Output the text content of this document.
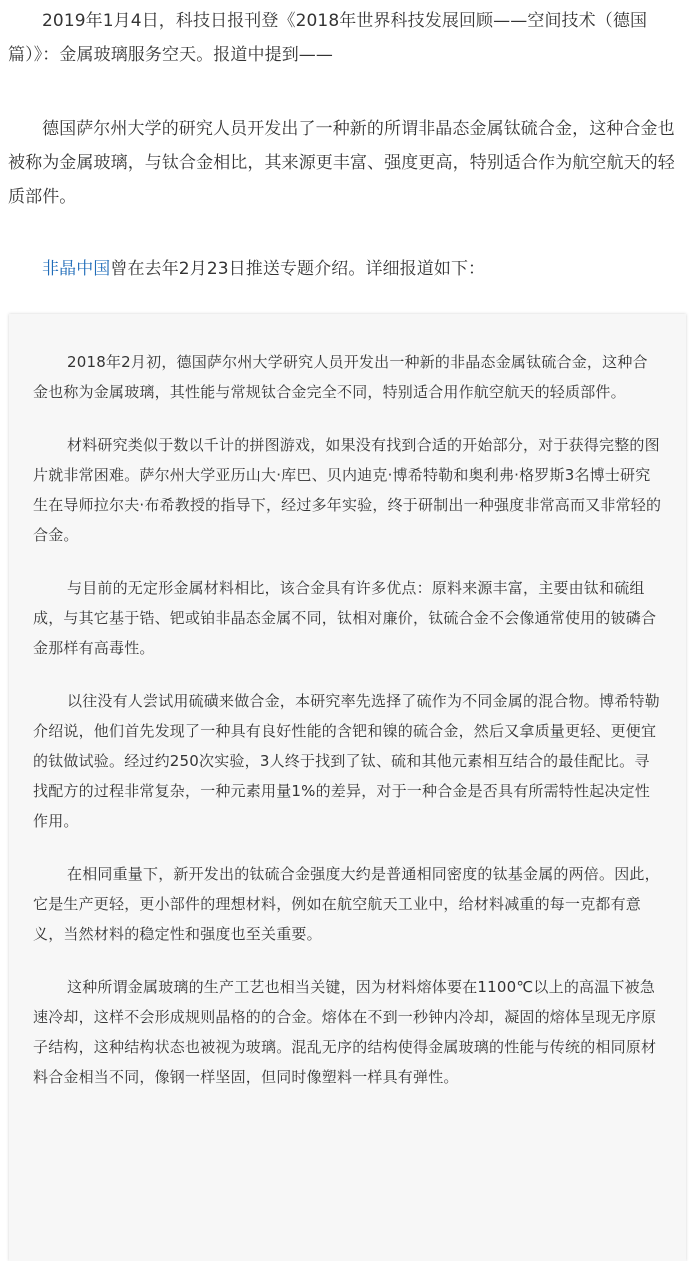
2019年1月4日，科技日报刊登《2018年世界科技发展回顾——空间技术（德国篇）》：金属玻璃服务空天。报道中提到——

德国萨尔州大学的研究人员开发出了一种新的所谓非晶态金属钛硫合金，这种合金也被称为金属玻璃，与钛合金相比，其来源更丰富、强度更高，特别适合作为航空航天的轻质部件。

非晶中国曾在去年2月23日推送专题介绍。详细报道如下：

2018年2月初，德国萨尔州大学研究人员开发出一种新的非晶态金属钛硫合金，这种合金也称为金属玻璃，其性能与常规钛合金完全不同，特别适合用作航空航天的轻质部件。

材料研究类似于数以千计的拼图游戏，如果没有找到合适的开始部分，对于获得完整的图片就非常困难。萨尔州大学亚历山大·库巴、贝内迪克·博希特勒和奥利弗·格罗斯3名博士研究生在导师拉尔夫·布希教授的指导下，经过多年实验，终于研制出一种强度非常高而又非常轻的合金。

与目前的无定形金属材料相比，该合金具有许多优点：原料来源丰富，主要由钛和硫组成，与其它基于锆、钯或铂非晶态金属不同，钛相对廉价，钛硫合金不会像通常使用的铍磷合金那样有高毒性。

以往没有人尝试用硫磺来做合金，本研究率先选择了硫作为不同金属的混合物。博希特勒介绍说，他们首先发现了一种具有良好性能的含钯和镍的硫合金，然后又拿质量更轻、更便宜的钛做试验。经过约250次实验，3人终于找到了钛、硫和其他元素相互结合的最佳配比。寻找配方的过程非常复杂，一种元素用量1%的差异，对于一种合金是否具有所需特性起决定性作用。

在相同重量下，新开发出的钛硫合金强度大约是普通相同密度的钛基金属的两倍。因此，它是生产更轻，更小部件的理想材料，例如在航空航天工业中，给材料减重的每一克都有意义，当然材料的稳定性和强度也至关重要。

这种所谓金属玻璃的生产工艺也相当关键，因为材料熔体要在1100℃以上的高温下被急速冷却，这样不会形成规则晶格的的合金。熔体在不到一秒钟内冷却，凝固的熔体呈现无序原子结构，这种结构状态也被视为玻璃。混乱无序的结构使得金属玻璃的性能与传统的相同原材料合金相当不同，像钢一样坚固，但同时像塑料一样具有弹性。
